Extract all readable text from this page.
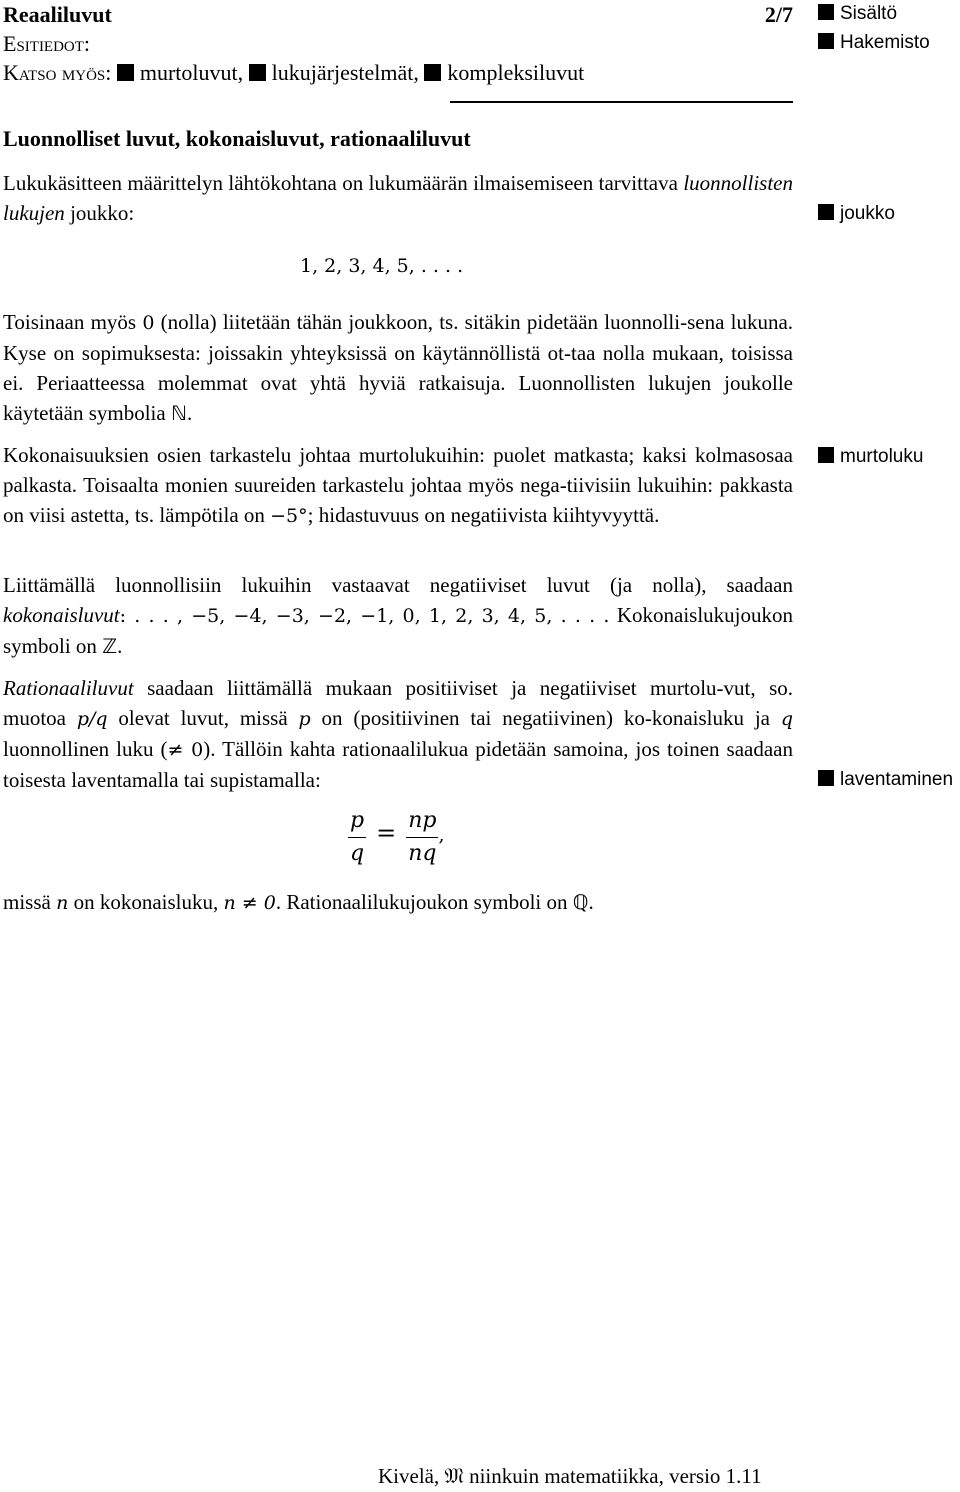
Reaaliluvut	2/7
Esitiedot:
Katso myös: murtoluvut, lukujärjestelmät, kompleksiluvut
Sisältö
Hakemisto
joukko
murtoluku
laventaminen
Luonnolliset luvut, kokonaisluvut, rationaaliluvut

Lukukäsitteen määrittelyn lähtökohtana on lukumäärän ilmaisemiseen tarvittava luonnollisten lukujen joukko:

1, 2, 3, 4, 5, . . . .

Toisinaan myös 0 (nolla) liitetään tähän joukkoon, ts. sitäkin pidetään luonnolli-sena lukuna. Kyse on sopimuksesta: joissakin yhteyksissä on käytännöllistä ot-taa nolla mukaan, toisissa ei. Periaatteessa molemmat ovat yhtä hyviä ratkaisuja. Luonnollisten lukujen joukolle käytetään symbolia ℕ.

Kokonaisuuksien osien tarkastelu johtaa murtolukuihin: puolet matkasta; kaksi kolmasosaa palkasta. Toisaalta monien suureiden tarkastelu johtaa myös nega-tiivisiin lukuihin: pakkasta on viisi astetta, ts. lämpötila on −5°; hidastuvuus on negatiivista kiihtyvyyttä.

Liittämällä luonnollisiin lukuihin vastaavat negatiiviset luvut (ja nolla), saadaan kokonaisluvut: . . . , −5, −4, −3, −2, −1, 0, 1, 2, 3, 4, 5, . . . . Kokonaislukujoukon symboli on ℤ.

Rationaaliluvut saadaan liittämällä mukaan positiiviset ja negatiiviset murtolu-vut, so. muotoa p/q olevat luvut, missä p on (positiivinen tai negatiivinen) ko-konaisluku ja q luonnollinen luku (≠ 0). Tällöin kahta rationaalilukua pidetään samoina, jos toinen saadaan toisesta laventamalla tai supistamalla:

$\frac{p}{q} = \frac{np}{nq}$ ,

missä n on kokonaisluku, n ≠ 0. Rationaalilukujoukon symboli on ℚ.

Kivelä, 𝔐 niinkuin matematiikka, versio 1.11
